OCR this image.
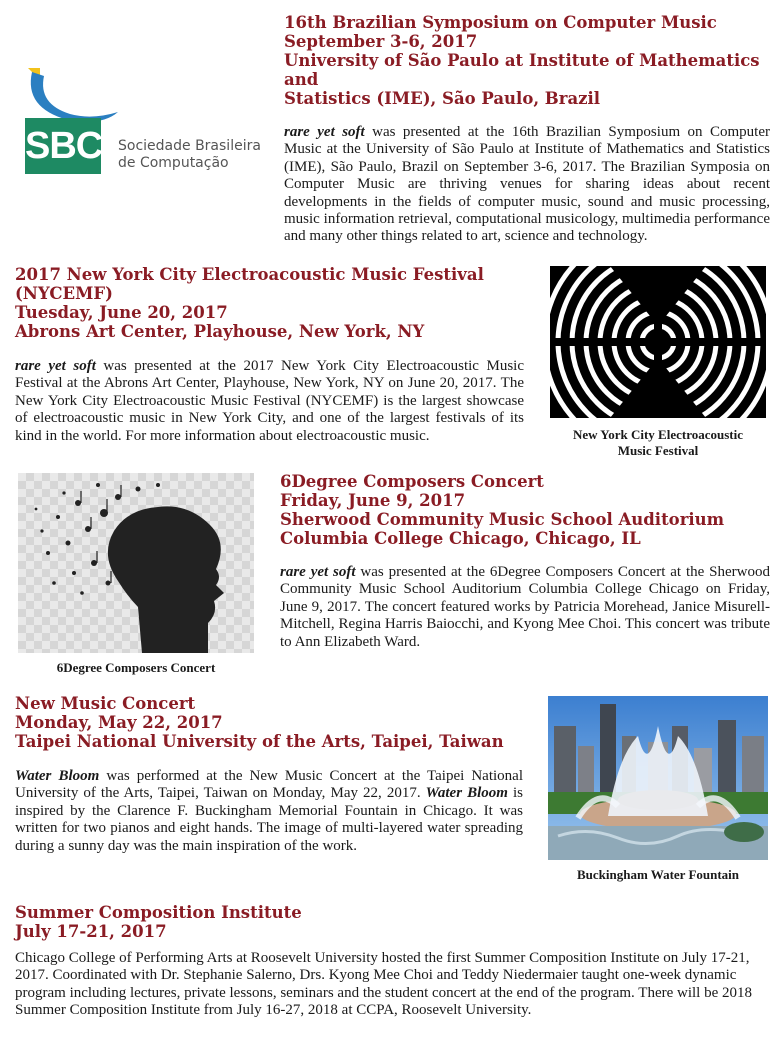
SBC Sociedade Brasileira
de Computação
16th Brazilian Symposium on Computer Music
September 3-6, 2017
University of São Paulo at Institute of Mathematics and
Statistics (IME), São Paulo, Brazil

rare yet soft was presented at the 16th Brazilian Symposium on Computer Music at the University of São Paulo at Institute of Mathematics and Statistics (IME), São Paulo, Brazil on September 3-6, 2017. The Brazilian Symposia on Computer Music are thriving venues for sharing ideas about recent developments in the fields of computer music, sound and music processing, music information retrieval, computational musicology, multimedia performance and many other things related to art, science and technology.

2017 New York City Electroacoustic Music Festival (NYCEMF)
Tuesday, June 20, 2017
Abrons Art Center, Playhouse, New York, NY

rare yet soft was presented at the 2017 New York City Electroacoustic Music Festival at the Abrons Art Center, Playhouse, New York, NY on June 20, 2017. The New York City Electroacoustic Music Festival (NYCEMF) is the largest showcase of electroacoustic music in New York City, and one of the largest festivals of its kind in the world. For more information about electroacoustic music.	New York City Electroacoustic
Music Festival
6Degree Composers Concert
6Degree Composers Concert
Friday, June 9, 2017
Sherwood Community Music School Auditorium
Columbia College Chicago, Chicago, IL

rare yet soft was presented at the 6Degree Composers Concert at the Sherwood Community Music School Auditorium Columbia College Chicago on Friday, June 9, 2017. The concert featured works by Patricia Morehead, Janice Misurell-Mitchell, Regina Harris Baiocchi, and Kyong Mee Choi. This concert was tribute to Ann Elizabeth Ward.

New Music Concert
Monday, May 22, 2017
Taipei National University of the Arts, Taipei, Taiwan

Water Bloom was performed at the New Music Concert at the Taipei National University of the Arts, Taipei, Taiwan on Monday, May 22, 2017. Water Bloom is inspired by the Clarence F. Buckingham Memorial Fountain in Chicago. It was written for two pianos and eight hands. The image of multi-layered water spreading during a sunny day was the main inspiration of the work.

Buckingham Water Fountain
Summer Composition Institute
July 17-21, 2017

Chicago College of Performing Arts at Roosevelt University hosted the first Summer Composition Institute on July 17-21, 2017. Coordinated with Dr. Stephanie Salerno, Drs. Kyong Mee Choi and Teddy Niedermaier taught one-week dynamic program including lectures, private lessons, seminars and the student concert at the end of the program. There will be 2018 Summer Composition Institute from July 16-27, 2018 at CCPA, Roosevelt University.
